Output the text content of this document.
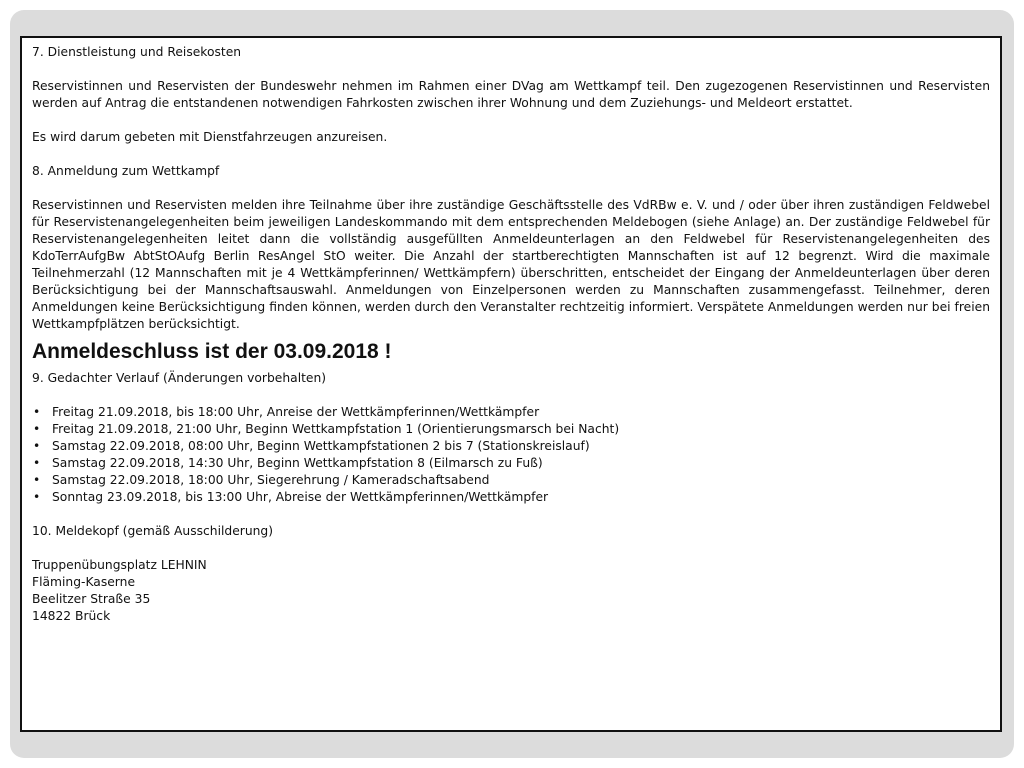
7. Dienstleistung und Reisekosten

Reservistinnen und Reservisten der Bundeswehr nehmen im Rahmen einer DVag am Wettkampf teil. Den zugezogenen Reservistinnen und Reservisten werden auf Antrag die entstandenen notwendigen Fahrkosten zwischen ihrer Wohnung und dem Zuziehungs- und Meldeort erstattet.

Es wird darum gebeten mit Dienstfahrzeugen anzureisen.

8. Anmeldung zum Wettkampf

Reservistinnen und Reservisten melden ihre Teilnahme über ihre zuständige Geschäftsstelle des VdRBw e. V. und / oder über ihren zuständigen Feldwebel für Reservistenangelegenheiten beim jeweiligen Landeskommando mit dem entsprechenden Meldebogen (siehe Anlage) an. Der zuständige Feldwebel für Reservistenangelegenheiten leitet dann die vollständig ausgefüllten Anmeldeunterlagen an den Feldwebel für Reservistenangelegenheiten des KdoTerrAufgBw AbtStOAufg Berlin ResAngel StO weiter. Die Anzahl der startberechtigten Mannschaften ist auf 12 begrenzt. Wird die maximale Teilnehmerzahl (12 Mannschaften mit je 4 Wettkämpferinnen/ Wettkämpfern) überschritten, entscheidet der Eingang der Anmeldeunterlagen über deren Berücksichtigung bei der Mannschaftsauswahl. Anmeldungen von Einzelpersonen werden zu Mannschaften zusammengefasst. Teilnehmer, deren Anmeldungen keine Berücksichtigung finden können, werden durch den Veranstalter rechtzeitig informiert. Verspätete Anmeldungen werden nur bei freien Wettkampfplätzen berücksichtigt.

Anmeldeschluss ist der 03.09.2018 !

9. Gedachter Verlauf (Änderungen vorbehalten)

• Freitag 21.09.2018, bis 18:00 Uhr, Anreise der Wettkämpferinnen/Wettkämpfer
• Freitag 21.09.2018, 21:00 Uhr, Beginn Wettkampfstation 1 (Orientierungsmarsch bei Nacht)
• Samstag 22.09.2018, 08:00 Uhr, Beginn Wettkampfstationen 2 bis 7 (Stationskreislauf)
• Samstag 22.09.2018, 14:30 Uhr, Beginn Wettkampfstation 8 (Eilmarsch zu Fuß)
• Samstag 22.09.2018, 18:00 Uhr, Siegerehrung / Kameradschaftsabend
• Sonntag 23.09.2018, bis 13:00 Uhr, Abreise der Wettkämpferinnen/Wettkämpfer

10. Meldekopf (gemäß Ausschilderung)

Truppenübungsplatz LEHNIN

Fläming-Kaserne

Beelitzer Straße 35

14822 Brück
